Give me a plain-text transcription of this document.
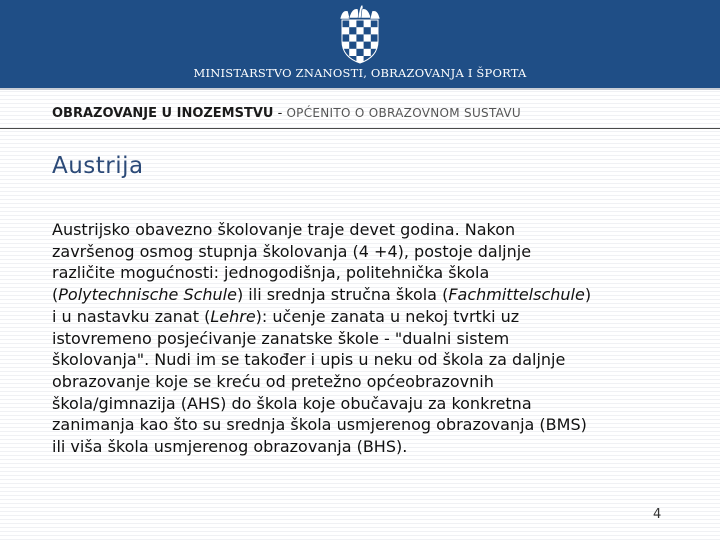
MINISTARSTVO ZNANOSTI, OBRAZOVANJA I ŠPORTA
OBRAZOVANJE U INOZEMSTVU - OPĆENITO O OBRAZOVNOM SUSTAVU
Austrija
Austrijsko obavezno školovanje traje devet godina. Nakon
završenog osmog stupnja školovanja (4 +4), postoje daljnje
različite mogućnosti: jednogodišnja, politehnička škola
(Polytechnische Schule) ili srednja stručna škola (Fachmittelschule)
i u nastavku zanat (Lehre): učenje zanata u nekoj tvrtki uz
istovremeno posjećivanje zanatske škole - "dualni sistem
školovanja". Nudi im se također i upis u neku od škola za daljnje
obrazovanje koje se kreću od pretežno općeobrazovnih
škola/gimnazija (AHS) do škola koje obučavaju za konkretna
zanimanja kao što su srednja škola usmjerenog obrazovanja (BMS)
ili viša škola usmjerenog obrazovanja (BHS).
4
